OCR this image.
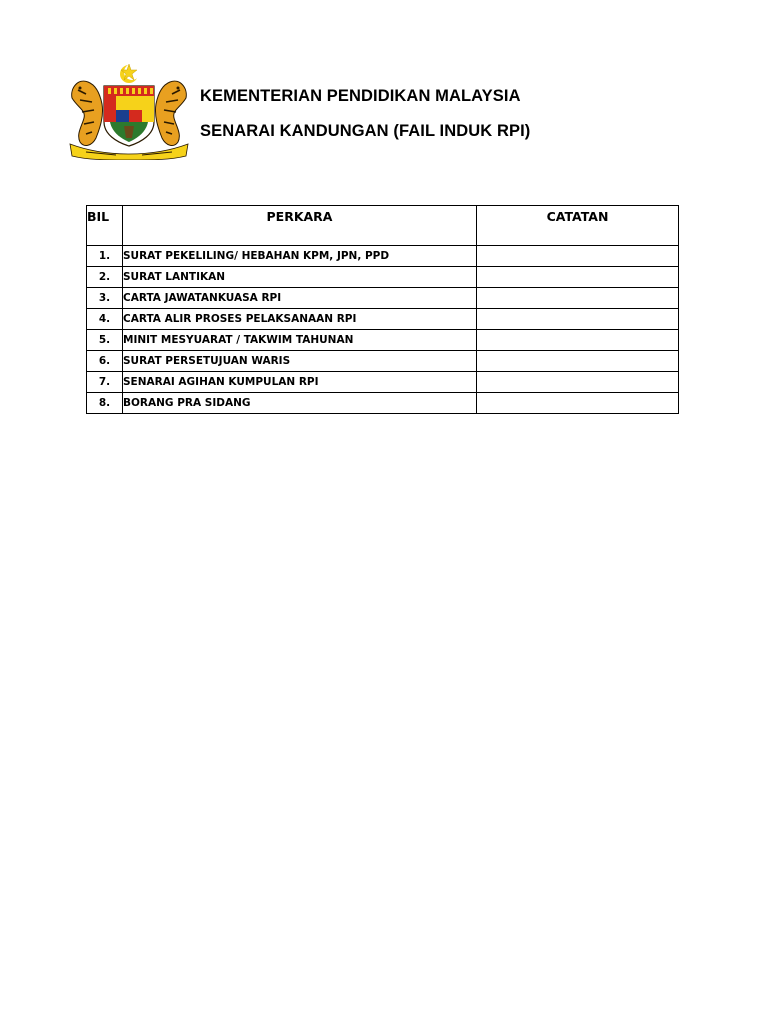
KEMENTERIAN PENDIDIKAN MALAYSIA
SENARAI KANDUNGAN (FAIL INDUK RPI)
BIL	PERKARA	CATATAN
1.	SURAT PEKELILING/ HEBAHAN KPM, JPN, PPD	
2.	SURAT LANTIKAN	
3.	CARTA JAWATANKUASA RPI	
4.	CARTA ALIR PROSES PELAKSANAAN RPI	
5.	MINIT MESYUARAT / TAKWIM TAHUNAN	
6.	SURAT PERSETUJUAN WARIS	
7.	SENARAI AGIHAN KUMPULAN RPI	
8.	BORANG PRA SIDANG	
